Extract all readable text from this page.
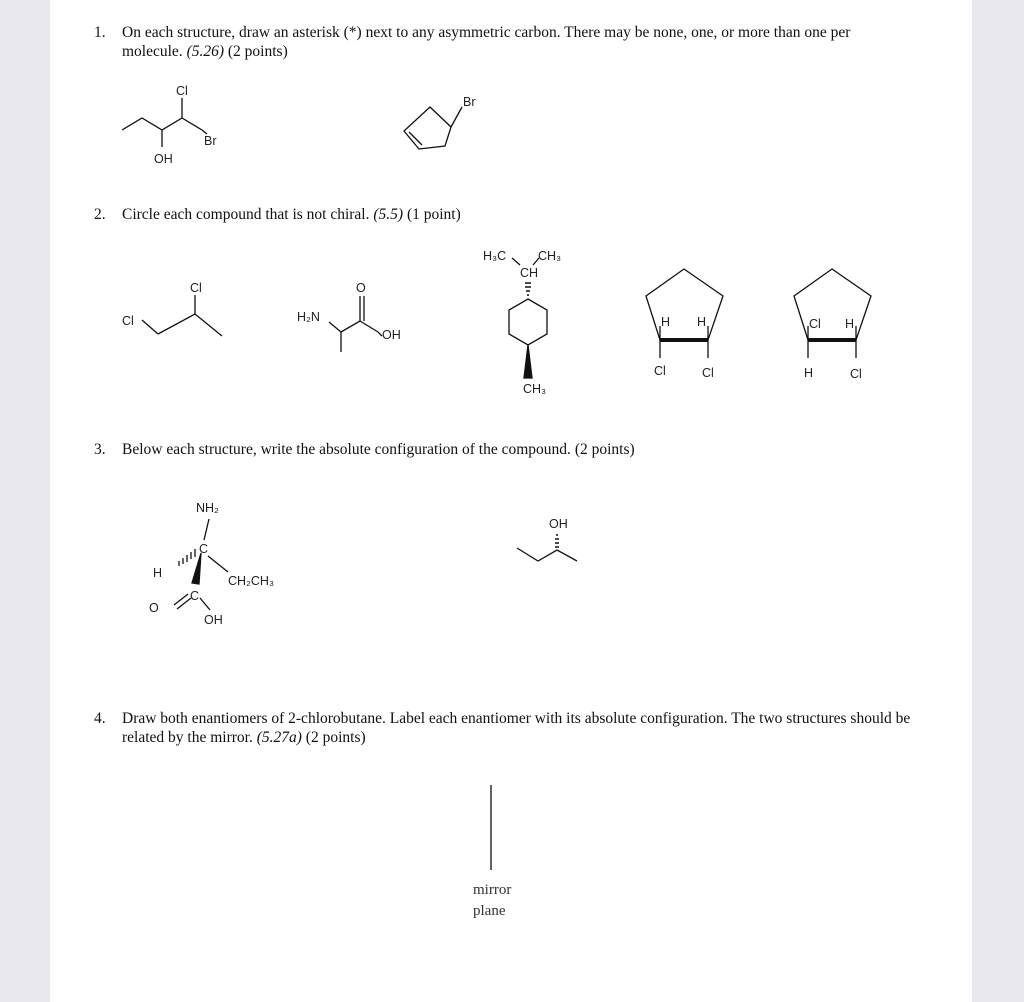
1. On each structure, draw an asterisk (*) next to any asymmetric carbon. There may be none, one, or more than one per molecule. (5.26) (2 points)
2. Circle each compound that is not chiral. (5.5) (1 point)
3. Below each structure, write the absolute configuration of the compound. (2 points)
4. Draw both enantiomers of 2-chlorobutane. Label each enantiomer with its absolute configuration. The two structures should be related by the mirror. (5.27a) (2 points)
Cl
Br
OH
Br
Cl
Cl
H₂N
O
OH
H₃C	CH₃
CH
CH₃
H H
Cl	Cl
Cl H
H	Cl
NH₂
C
H
CH₂CH₃
C
O
OH
OH
mirror
plane
